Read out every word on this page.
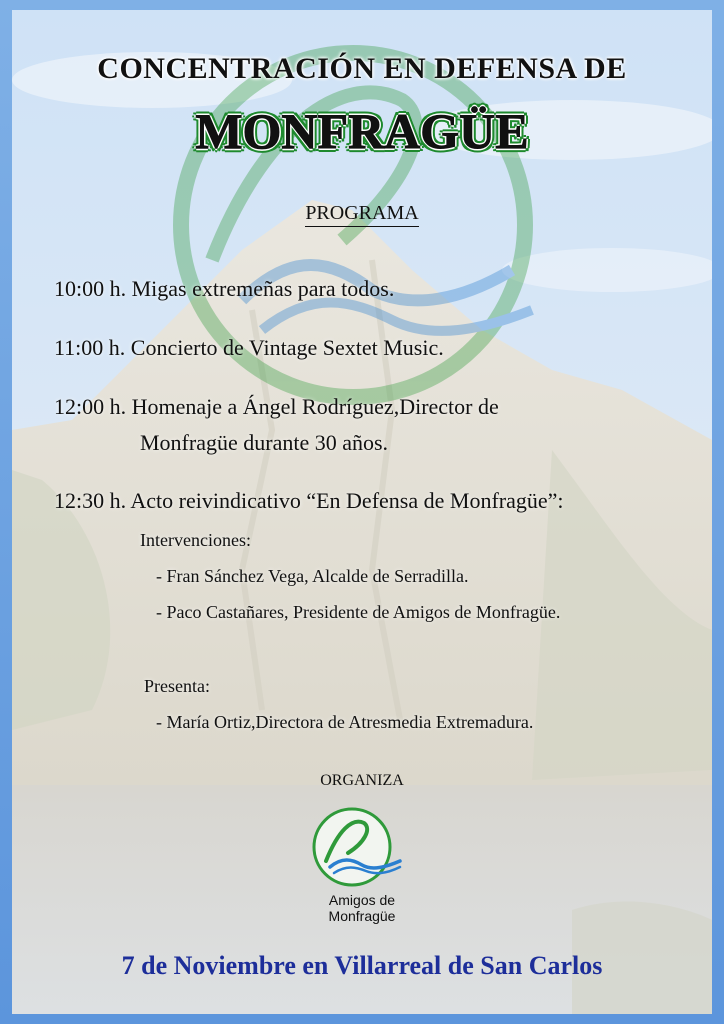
CONCENTRACIÓN EN DEFENSA DE
MONFRAGÜE
PROGRAMA
10:00 h. Migas extremeñas para todos.
11:00 h. Concierto de Vintage Sextet Music.
12:00 h. Homenaje a Ángel Rodríguez,Director de
Monfragüe durante 30 años.
12:30 h. Acto reivindicativo “En Defensa de Monfragüe”:
Intervenciones:
- Fran Sánchez Vega, Alcalde de Serradilla.
- Paco Castañares, Presidente de Amigos de Monfragüe.
Presenta:
- María Ortiz,Directora de Atresmedia Extremadura.
ORGANIZA
Amigos de
Monfragüe
7 de Noviembre en Villarreal de San Carlos
